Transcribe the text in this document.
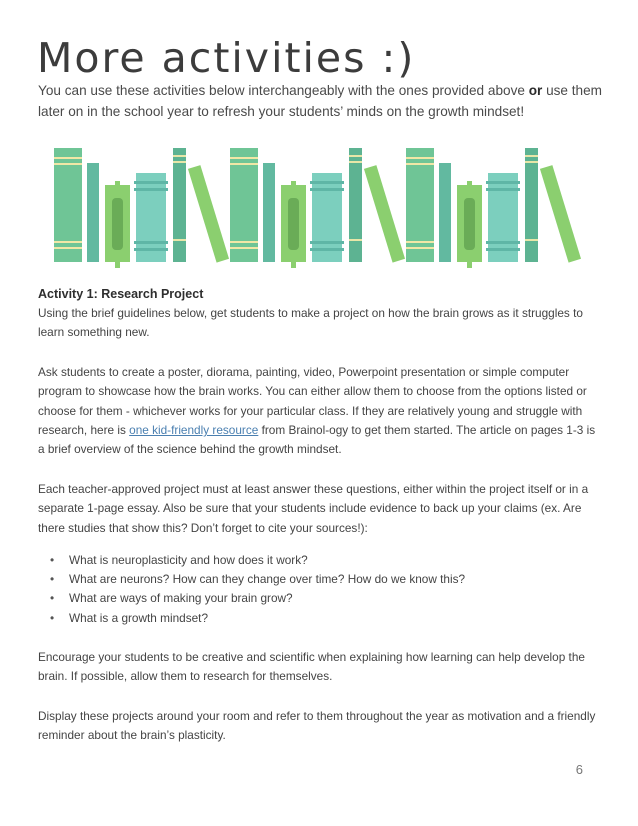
More activities :)

You can use these activities below interchangeably with the ones provided above or use them later on in the school year to refresh your students’ minds on the growth mindset!

Activity 1: Research Project

Using the brief guidelines below, get students to make a project on how the brain grows as it struggles to learn something new.

Ask students to create a poster, diorama, painting, video, Powerpoint presentation or simple computer program to showcase how the brain works. You can either allow them to choose from the options listed or choose for them - whichever works for your particular class. If they are relatively young and struggle with research, here is one kid-friendly resource from Brainol-ogy to get them started. The article on pages 1-3 is a brief overview of the science behind the growth mindset.

Each teacher-approved project must at least answer these questions, either within the project itself or in a separate 1-page essay. Also be sure that your students include evidence to back up your claims (ex. Are there studies that show this? Don’t forget to cite your sources!):

• What is neuroplasticity and how does it work?
• What are neurons? How can they change over time? How do we know this?
• What are ways of making your brain grow?
• What is a growth mindset?

Encourage your students to be creative and scientific when explaining how learning can help develop the brain. If possible, allow them to research for themselves.

Display these projects around your room and refer to them throughout the year as motivation and a friendly reminder about the brain’s plasticity.

6
